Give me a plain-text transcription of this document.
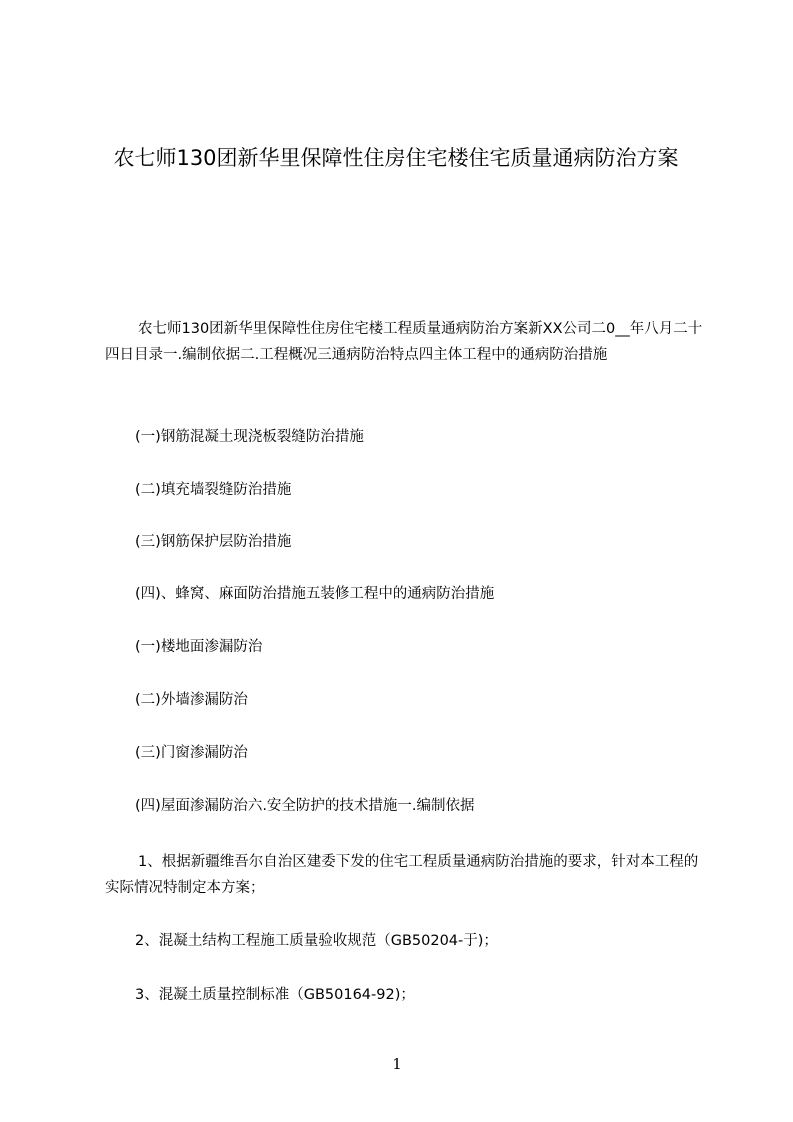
农七师130团新华里保障性住房住宅楼住宅质量通病防治方案

农七师130团新华里保障性住房住宅楼工程质量通病防治方案新XX公司二0__年八月二十四日目录一.编制依据二.工程概况三通病防治特点四主体工程中的通病防治措施

(一)钢筋混凝土现浇板裂缝防治措施

(二)填充墙裂缝防治措施

(三)钢筋保护层防治措施

(四)、蜂窝、麻面防治措施五装修工程中的通病防治措施

(一)楼地面渗漏防治

(二)外墙渗漏防治

(三)门窗渗漏防治

(四)屋面渗漏防治六.安全防护的技术措施一.编制依据

1、根据新疆维吾尔自治区建委下发的住宅工程质量通病防治措施的要求，针对本工程的实际情况特制定本方案；

2、混凝土结构工程施工质量验收规范（GB50204-于)；

3、混凝土质量控制标准（GB50164-92)；

1
